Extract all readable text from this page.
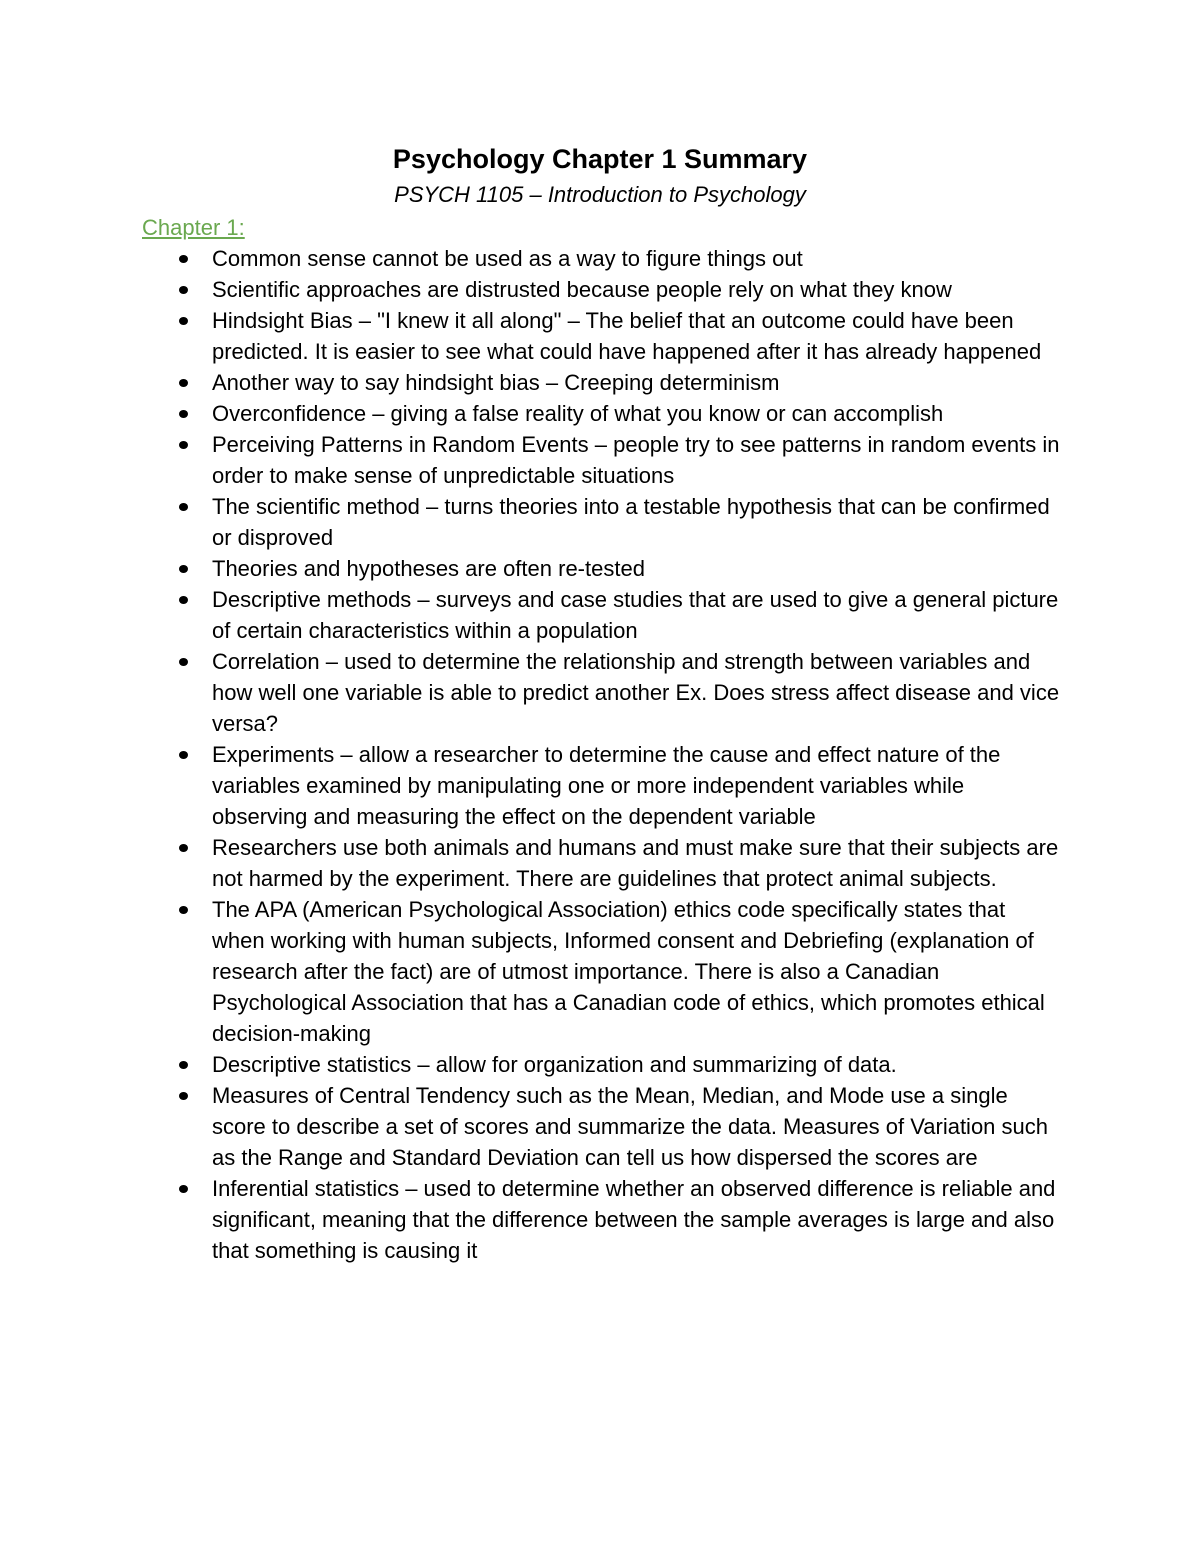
Psychology Chapter 1 Summary

PSYCH 1105 – Introduction to Psychology

Chapter 1:

Common sense cannot be used as a way to figure things out
Scientific approaches are distrusted because people rely on what they know
Hindsight Bias – "I knew it all along" – The belief that an outcome could have been predicted. It is easier to see what could have happened after it has already happened
Another way to say hindsight bias – Creeping determinism
Overconfidence – giving a false reality of what you know or can accomplish
Perceiving Patterns in Random Events – people try to see patterns in random events in order to make sense of unpredictable situations
The scientific method – turns theories into a testable hypothesis that can be confirmed or disproved
Theories and hypotheses are often re-tested
Descriptive methods – surveys and case studies that are used to give a general picture of certain characteristics within a population
Correlation – used to determine the relationship and strength between variables and how well one variable is able to predict another Ex. Does stress affect disease and vice versa?
Experiments – allow a researcher to determine the cause and effect nature of the variables examined by manipulating one or more independent variables while observing and measuring the effect on the dependent variable
Researchers use both animals and humans and must make sure that their subjects are not harmed by the experiment. There are guidelines that protect animal subjects.
The APA (American Psychological Association) ethics code specifically states that when working with human subjects, Informed consent and Debriefing (explanation of research after the fact) are of utmost importance. There is also a Canadian Psychological Association that has a Canadian code of ethics, which promotes ethical decision-making
Descriptive statistics – allow for organization and summarizing of data.
Measures of Central Tendency such as the Mean, Median, and Mode use a single score to describe a set of scores and summarize the data. Measures of Variation such as the Range and Standard Deviation can tell us how dispersed the scores are
Inferential statistics – used to determine whether an observed difference is reliable and significant, meaning that the difference between the sample averages is large and also that something is causing it
